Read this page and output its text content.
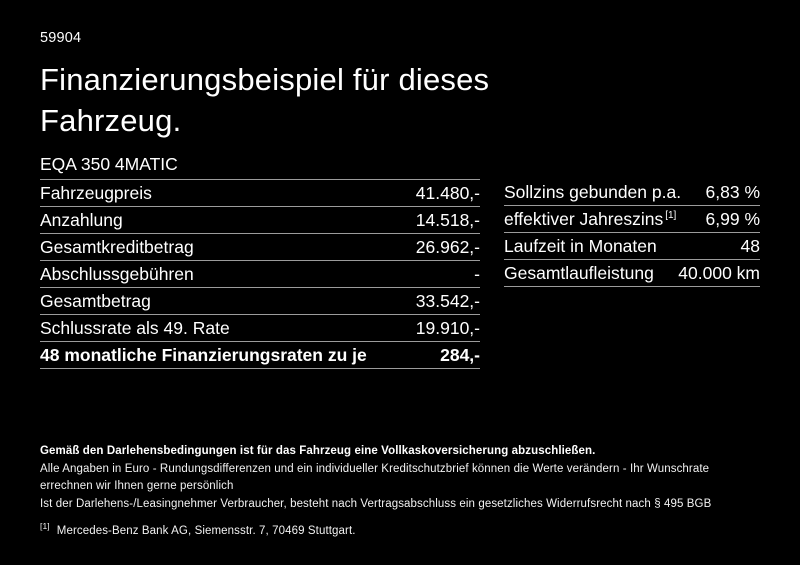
59904
Finanzierungsbeispiel für dieses
Fahrzeug.
EQA 350 4MATIC
Fahrzeugpreis	41.480,-
Anzahlung	14.518,-
Gesamtkreditbetrag	26.962,-
Abschlussgebühren	-
Gesamtbetrag	33.542,-
Schlussrate als 49. Rate	19.910,-
48 monatliche Finanzierungsraten zu je	284,-
Sollzins gebunden p.a. 6,83 %
effektiver Jahreszins [1] 6,99 %
Laufzeit in Monaten	48
Gesamtlaufleistung 40.000 km
Gemäß den Darlehensbedingungen ist für das Fahrzeug eine Vollkaskoversicherung abzuschließen.
Alle Angaben in Euro - Rundungsdifferenzen und ein individueller Kreditschutzbrief können die Werte verändern - Ihr Wunschrate errechnen wir Ihnen gerne persönlich
Ist der Darlehens-/Leasingnehmer Verbraucher, besteht nach Vertragsabschluss ein gesetzliches Widerrufsrecht nach § 495 BGB
[1] Mercedes-Benz Bank AG, Siemensstr. 7, 70469 Stuttgart.
